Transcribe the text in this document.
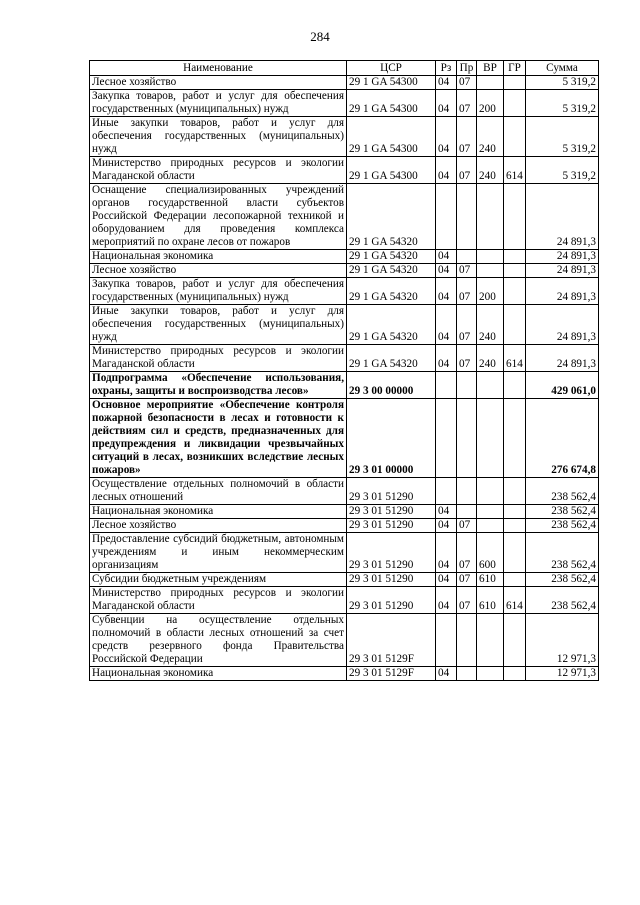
284
Наименование	ЦСР	Рз	Пр	ВР	ГР	Сумма
Лесное хозяйство	29 1 GA 54300	04	07			5 319,2
Закупка товаров, работ и услуг для обеспечения государственных (муниципальных) нужд	29 1 GA 54300	04	07	200		5 319,2
Иные закупки товаров, работ и услуг для обеспечения государственных (муниципальных) нужд	29 1 GA 54300	04	07	240		5 319,2
Министерство природных ресурсов и экологии Магаданской области	29 1 GA 54300	04	07	240	614	5 319,2
Оснащение специализированных учреждений органов государственной власти субъектов Российской Федерации лесопожарной техникой и оборудованием для проведения комплекса мероприятий по охране лесов от пожаров	29 1 GA 54320					24 891,3
Национальная экономика	29 1 GA 54320	04				24 891,3
Лесное хозяйство	29 1 GA 54320	04	07			24 891,3
Закупка товаров, работ и услуг для обеспечения государственных (муниципальных) нужд	29 1 GA 54320	04	07	200		24 891,3
Иные закупки товаров, работ и услуг для обеспечения государственных (муниципальных) нужд	29 1 GA 54320	04	07	240		24 891,3
Министерство природных ресурсов и экологии Магаданской области	29 1 GA 54320	04	07	240	614	24 891,3
Подпрограмма «Обеспечение использования, охраны, защиты и воспроизводства лесов»	29 3 00 00000					429 061,0
Основное мероприятие «Обеспечение контроля пожарной безопасности в лесах и готовности к действиям сил и средств, предназначенных для предупреждения и ликвидации чрезвычайных ситуаций в лесах, возникших вследствие лесных пожаров»	29 3 01 00000					276 674,8
Осуществление отдельных полномочий в области лесных отношений	29 3 01 51290					238 562,4
Национальная экономика	29 3 01 51290	04				238 562,4
Лесное хозяйство	29 3 01 51290	04	07			238 562,4
Предоставление субсидий бюджетным, автономным учреждениям и иным некоммерческим организациям	29 3 01 51290	04	07	600		238 562,4
Субсидии бюджетным учреждениям	29 3 01 51290	04	07	610		238 562,4
Министерство природных ресурсов и экологии Магаданской области	29 3 01 51290	04	07	610	614	238 562,4
Субвенции на осуществление отдельных полномочий в области лесных отношений за счет средств резервного фонда Правительства Российской Федерации	29 3 01 5129F					12 971,3
Национальная экономика	29 3 01 5129F	04				12 971,3
